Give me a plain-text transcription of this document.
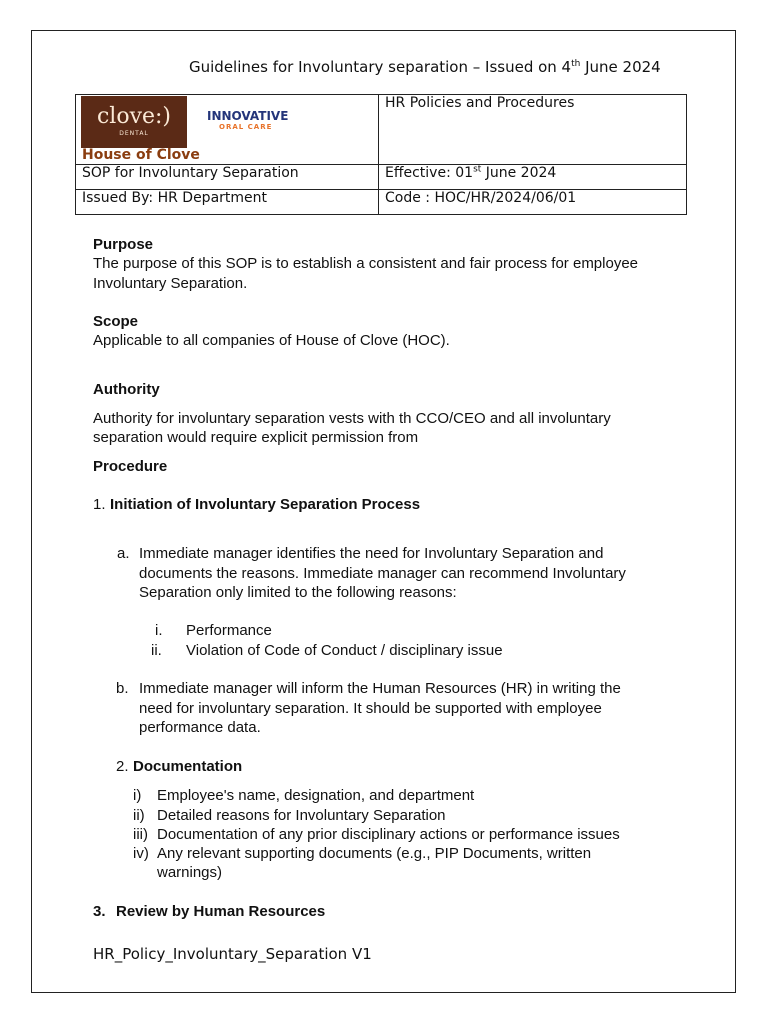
Guidelines for Involuntary separation – Issued on 4th June 2024
clove:)
DENTAL
INNOVATIVE
ORAL CARE
House of Clove	HR Policies and Procedures
SOP for Involuntary Separation	Effective: 01st June 2024
Issued By: HR Department	Code : HOC/HR/2024/06/01
Purpose
The purpose of this SOP is to establish a consistent and fair process for employee
Involuntary Separation.
Scope
Applicable to all companies of House of Clove (HOC).
Authority
Authority for involuntary separation vests with th CCO/CEO and all involuntary
separation would require explicit permission from
Procedure
1. Initiation of Involuntary Separation Process
a. Immediate manager identifies the need for Involuntary Separation and
documents the reasons. Immediate manager can recommend Involuntary
Separation only limited to the following reasons:
i. Performance
ii. Violation of Code of Conduct / disciplinary issue
b. Immediate manager will inform the Human Resources (HR) in writing the
need for involuntary separation. It should be supported with employee
performance data.
2. Documentation
i) Employee's name, designation, and department
ii) Detailed reasons for Involuntary Separation
iii) Documentation of any prior disciplinary actions or performance issues
iv) Any relevant supporting documents (e.g., PIP Documents, written
warnings)
3. Review by Human Resources
HR_Policy_Involuntary_Separation V1
